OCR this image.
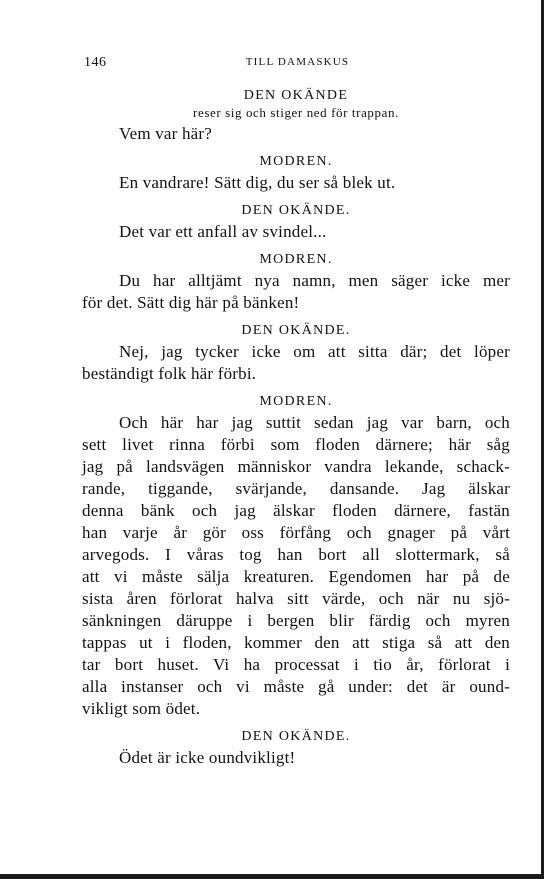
146	TILL DAMASKUS

DEN OKÄNDE

reser sig och stiger ned för trappan.

Vem var här?

MODREN.

En vandrare! Sätt dig, du ser så blek ut.

DEN OKÄNDE.

Det var ett anfall av svindel...

MODREN.

Du har alltjämt nya namn, men säger icke mer
för det. Sätt dig här på bänken!

DEN OKÄNDE.

Nej, jag tycker icke om att sitta där; det löper
beständigt folk här förbi.

MODREN.

Och här har jag suttit sedan jag var barn, och
sett livet rinna förbi som floden därnere; här såg
jag på landsvägen människor vandra lekande, schack-
rande, tiggande, svärjande, dansande. Jag älskar
denna bänk och jag älskar floden därnere, fastän
han varje år gör oss förfång och gnager på vårt
arvegods. I våras tog han bort all slottermark, så
att vi måste sälja kreaturen. Egendomen har på de
sista åren förlorat halva sitt värde, och när nu sjö-
sänkningen däruppe i bergen blir färdig och myren
tappas ut i floden, kommer den att stiga så att den
tar bort huset. Vi ha processat i tio år, förlorat i
alla instanser och vi måste gå under: det är ound-
vikligt som ödet.

DEN OKÄNDE.

Ödet är icke oundvikligt!
